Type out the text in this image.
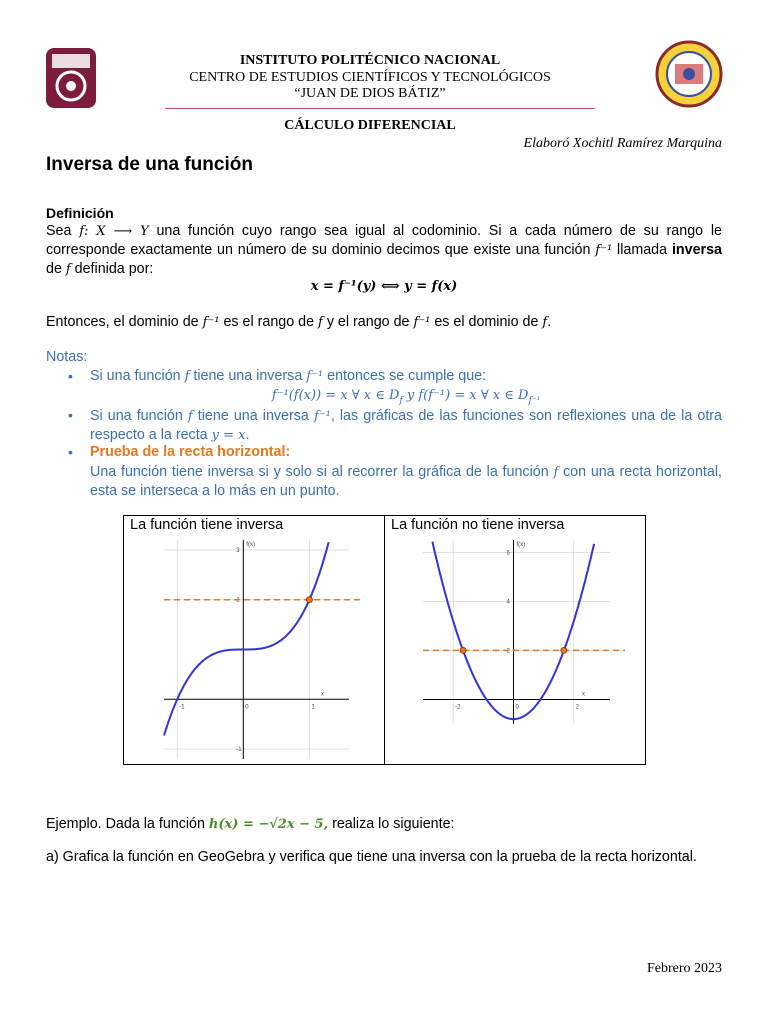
INSTITUTO POLITÉCNICO NACIONAL
CENTRO DE ESTUDIOS CIENTÍFICOS Y TECNOLÓGICOS
“JUAN DE DIOS BÁTIZ”
CÁLCULO DIFERENCIAL
Elaboró Xochitl Ramírez Marquina
Inversa de una función
Definición
Sea f: X ⟶ Y una función cuyo rango sea igual al codominio. Si a cada número de su rango le corresponde exactamente un número de su dominio decimos que existe una función f⁻¹ llamada inversa de f definida por:
x = f⁻¹(y) ⟺ y = f(x)
Entonces, el dominio de f⁻¹ es el rango de f y el rango de f⁻¹ es el dominio de f.
Notas:
• Si una función f tiene una inversa f⁻¹ entonces se cumple que:
f⁻¹(f(x)) = x ∀ x ∈ $D_f$ y f(f⁻¹) = x ∀ x ∈ $D_{f^{-1}}$
• Si una función f tiene una inversa f⁻¹, las gráficas de las funciones son reflexiones una de la otra respecto a la recta y = x.
• Prueba de la recta horizontal:
Una función tiene inversa si y solo si al recorrer la gráfica de la función f con una recta horizontal, esta se interseca a lo más en un punto.
La función tiene inversa
-1	0	1
3
2
-1
x
f(x)
La función no tiene inversa
-2	0	2
6
4
2
x
f(x)
Ejemplo. Dada la función h(x) = −√2x − 5, realiza lo siguiente:
a) Grafica la función en GeoGebra y verifica que tiene una inversa con la prueba de la recta horizontal.
Febrero 2023
